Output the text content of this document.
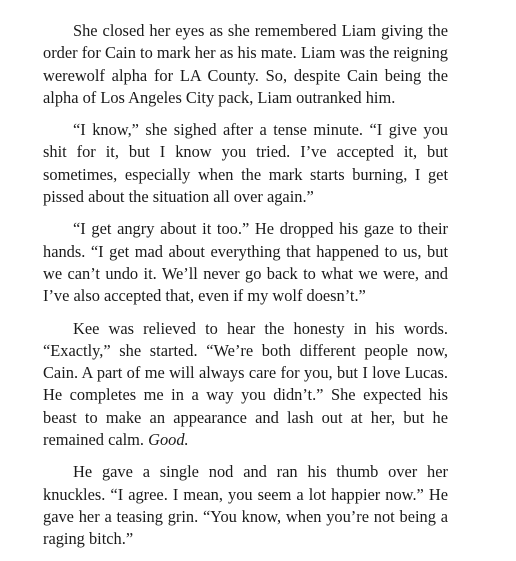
She closed her eyes as she remembered Liam giving the order for Cain to mark her as his mate. Liam was the reigning werewolf alpha for LA County. So, despite Cain being the alpha of Los Angeles City pack, Liam outranked him.

“I know,” she sighed after a tense minute. “I give you shit for it, but I know you tried. I’ve accepted it, but sometimes, especially when the mark starts burning, I get pissed about the situation all over again.”

“I get angry about it too.” He dropped his gaze to their hands. “I get mad about everything that happened to us, but we can’t undo it. We’ll never go back to what we were, and I’ve also accepted that, even if my wolf doesn’t.”

Kee was relieved to hear the honesty in his words. “Exactly,” she started. “We’re both different people now, Cain. A part of me will always care for you, but I love Lucas. He completes me in a way you didn’t.” She expected his beast to make an appearance and lash out at her, but he remained calm. Good.

He gave a single nod and ran his thumb over her knuckles. “I agree. I mean, you seem a lot happier now.” He gave her a teasing grin. “You know, when you’re not being a raging bitch.”
